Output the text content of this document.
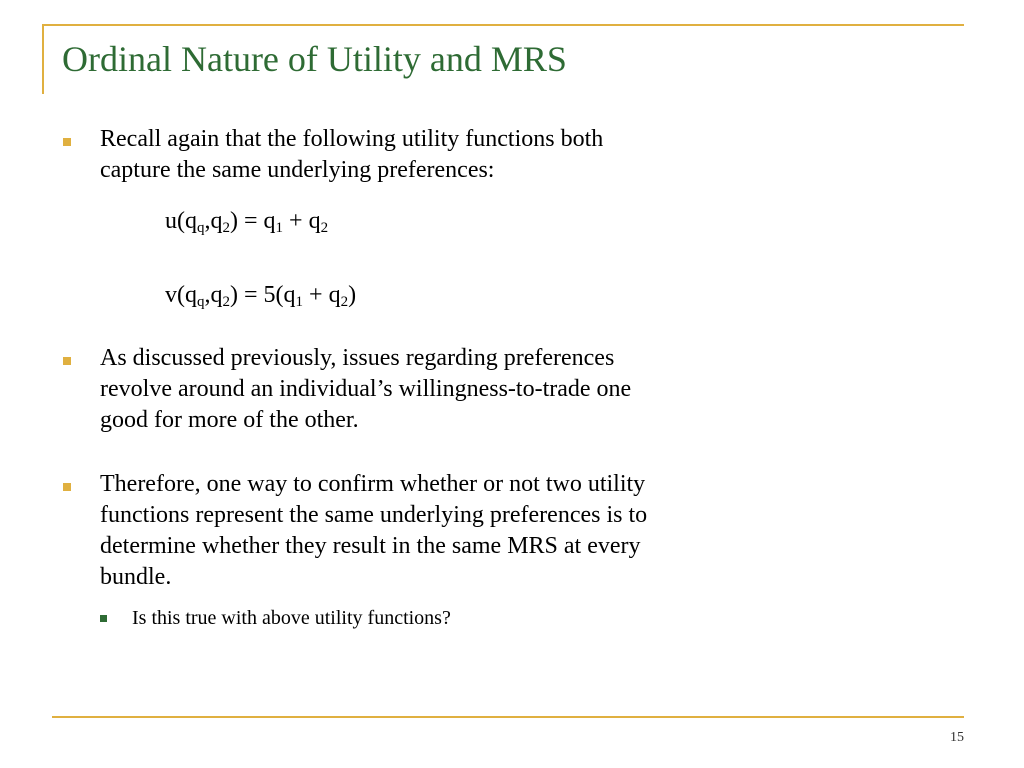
Ordinal Nature of Utility and MRS
Recall again that the following utility functions both capture the same underlying preferences:
$u(q_q,q_2) = q_1 + q_2$
$v(q_q,q_2) = 5(q_1 + q_2)$
As discussed previously, issues regarding preferences revolve around an individual’s willingness-to-trade one good for more of the other.
Therefore, one way to confirm whether or not two utility functions represent the same underlying preferences is to determine whether they result in the same MRS at every bundle.
Is this true with above utility functions?
15
